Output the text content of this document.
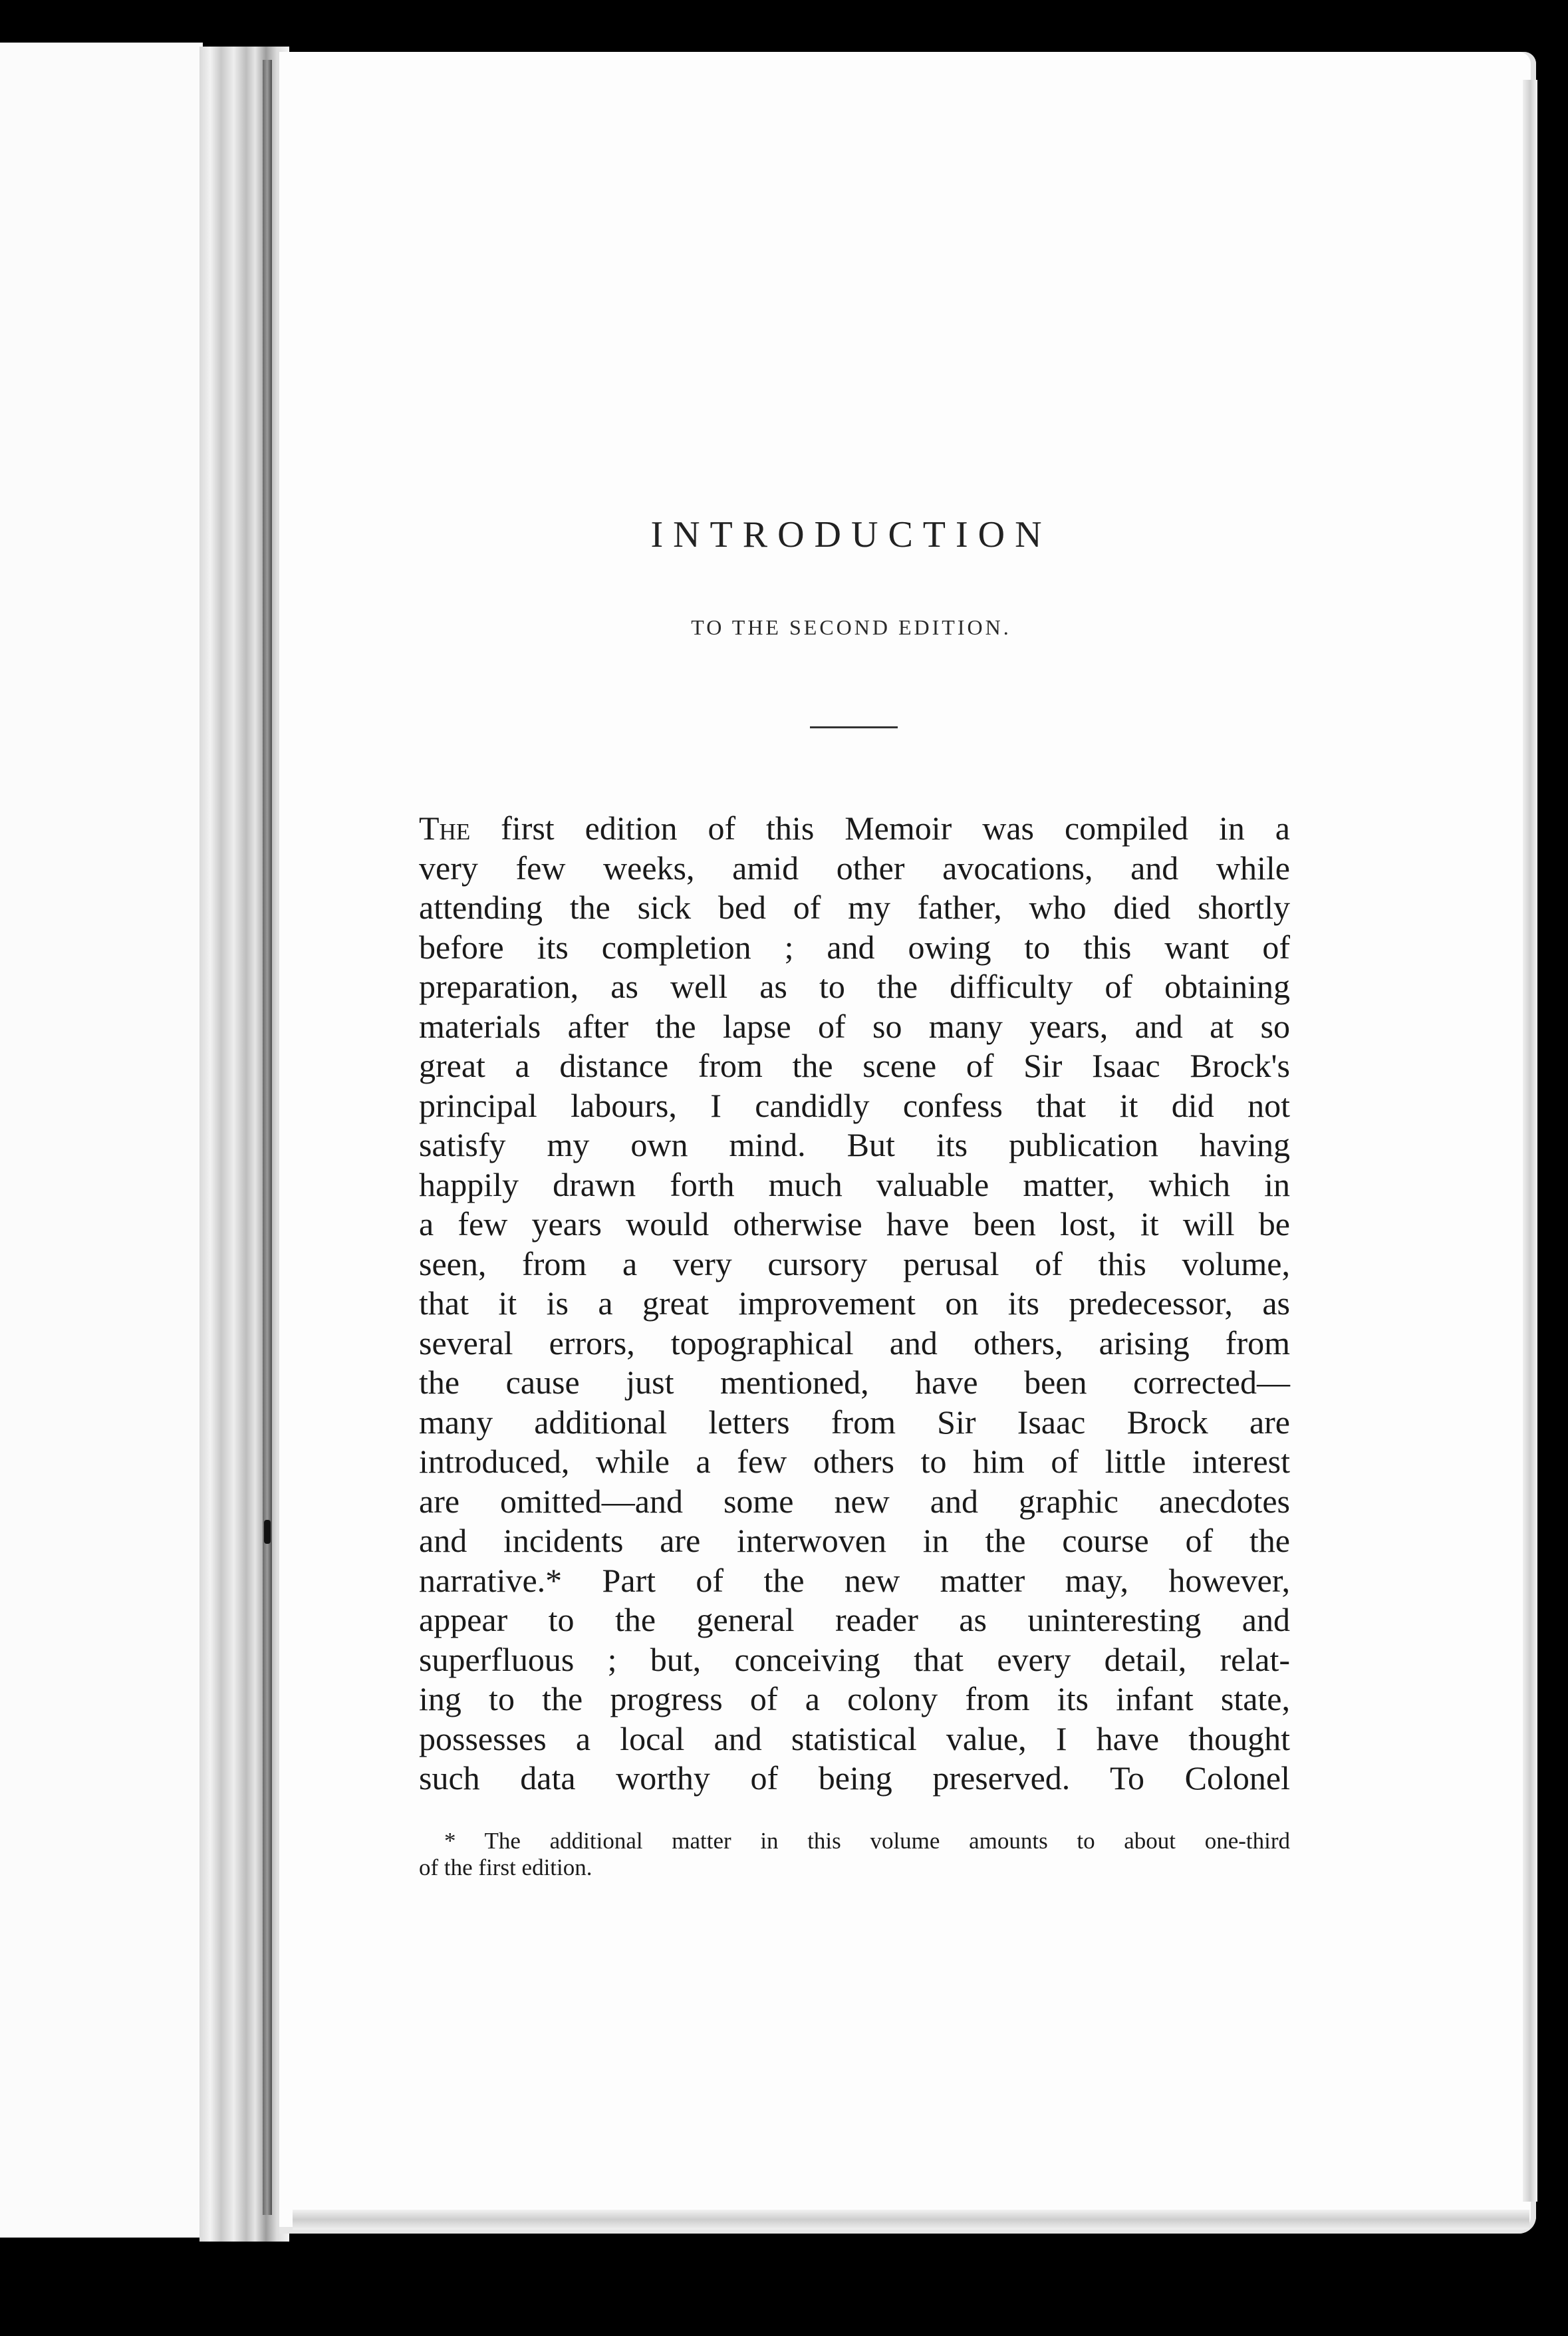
INTRODUCTION
TO THE SECOND EDITION.
The first edition of this Memoir was compiled in a
very few weeks, amid other avocations, and while
attending the sick bed of my father, who died shortly
before its completion ; and owing to this want of
preparation, as well as to the difficulty of obtaining
materials after the lapse of so many years, and at so
great a distance from the scene of Sir Isaac Brock's
principal labours, I candidly confess that it did not
satisfy my own mind. But its publication having
happily drawn forth much valuable matter, which in
a few years would otherwise have been lost, it will be
seen, from a very cursory perusal of this volume,
that it is a great improvement on its predecessor, as
several errors, topographical and others, arising from
the cause just mentioned, have been corrected—
many additional letters from Sir Isaac Brock are
introduced, while a few others to him of little interest
are omitted—and some new and graphic anecdotes
and incidents are interwoven in the course of the
narrative.* Part of the new matter may, however,
appear to the general reader as uninteresting and
superfluous ; but, conceiving that every detail, relat-
ing to the progress of a colony from its infant state,
possesses a local and statistical value, I have thought
such data worthy of being preserved. To Colonel
* The additional matter in this volume amounts to about one-third
of the first edition.
